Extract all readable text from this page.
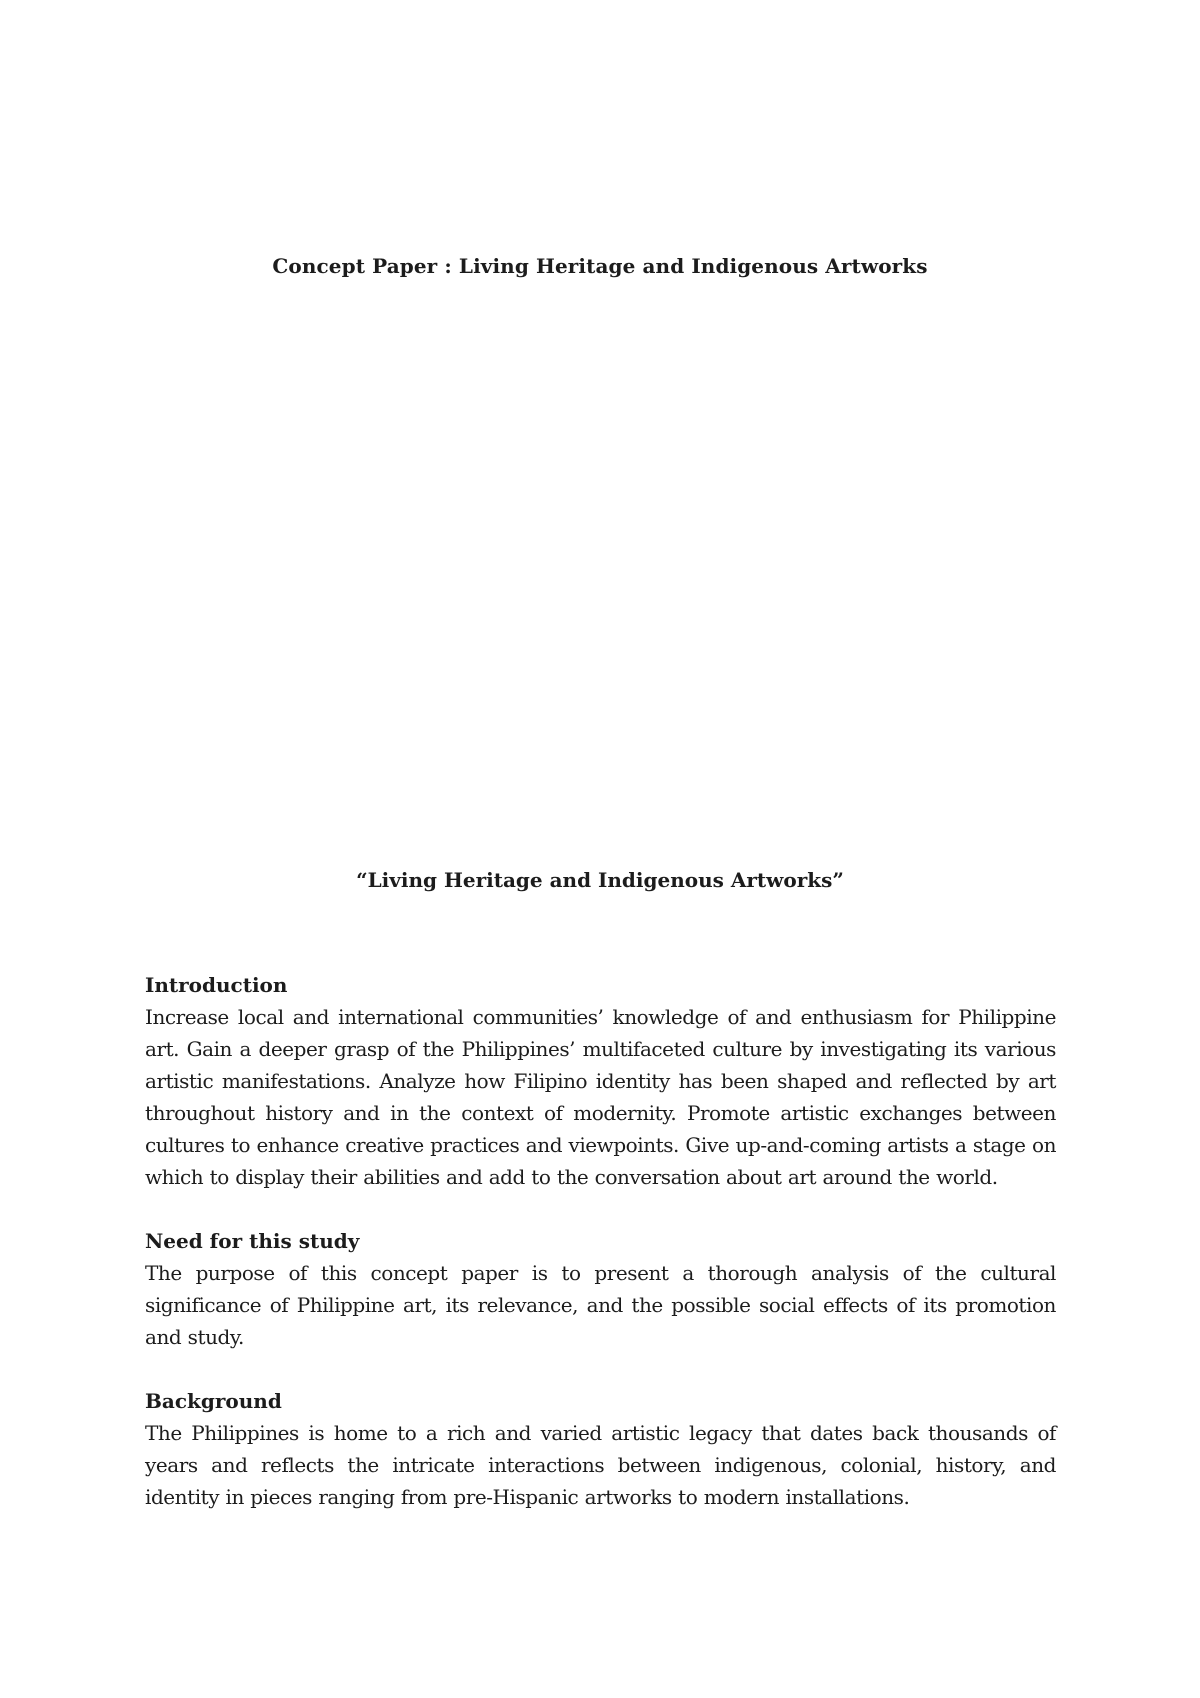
Concept Paper : Living Heritage and Indigenous Artworks
“Living Heritage and Indigenous Artworks”

Introduction

Increase local and international communities’ knowledge of and enthusiasm for Philippine art. Gain a deeper grasp of the Philippines’ multifaceted culture by investigating its various artistic manifestations. Analyze how Filipino identity has been shaped and reflected by art throughout history and in the context of modernity. Promote artistic exchanges between cultures to enhance creative practices and viewpoints. Give up-and-coming artists a stage on which to display their abilities and add to the conversation about art around the world.

Need for this study

The purpose of this concept paper is to present a thorough analysis of the cultural significance of Philippine art, its relevance, and the possible social effects of its promotion and study.

Background

The Philippines is home to a rich and varied artistic legacy that dates back thousands of years and reflects the intricate interactions between indigenous, colonial, history, and identity in pieces ranging from pre-Hispanic artworks to modern installations.
